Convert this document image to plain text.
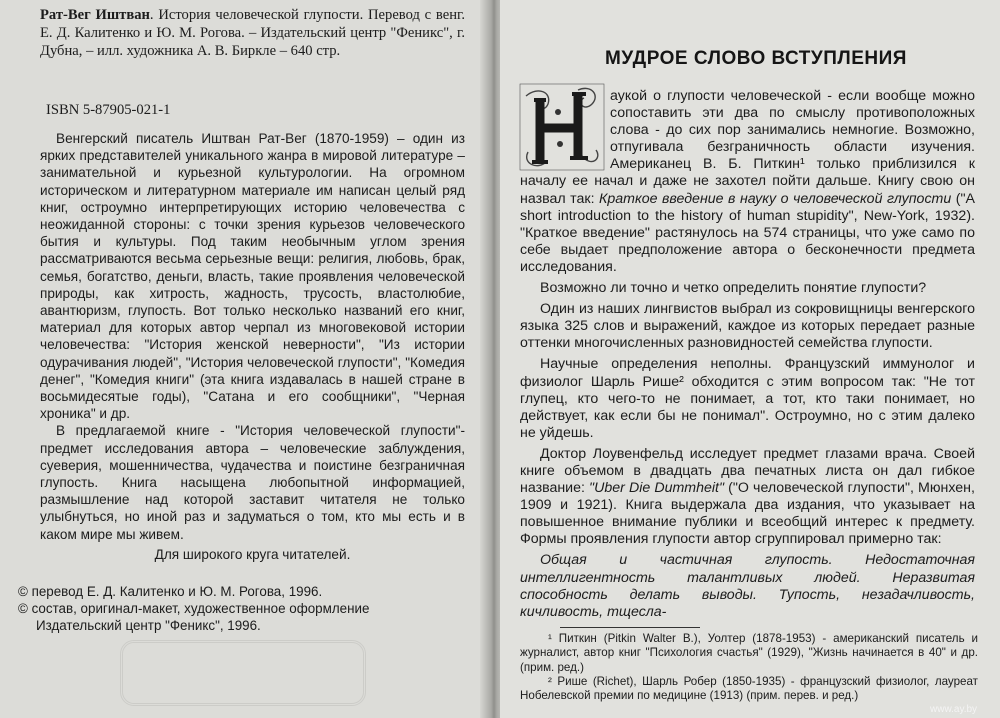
Рат-Вег Иштван. История человеческой глупости. Перевод с венг. Е. Д. Калитенко и Ю. М. Рогова. – Издательский центр "Феникс", г. Дубна, – илл. художника А. В. Биркле – 640 стр.
ISBN 5-87905-021-1

Венгерский писатель Иштван Рат-Вег (1870-1959) – один из ярких представителей уникального жанра в мировой литературе – занимательной и курьезной культурологии. На огромном историческом и литературном материале им написан целый ряд книг, остроумно интерпретирующих историю человечества с неожиданной стороны: с точки зрения курьезов человеческого бытия и культуры. Под таким необычным углом зрения рассматриваются весьма серьезные вещи: религия, любовь, брак, семья, богатство, деньги, власть, такие проявления человеческой природы, как хитрость, жадность, трусость, властолюбие, авантюризм, глупость. Вот только несколько названий его книг, материал для которых автор черпал из многовековой истории человечества: "История женской неверности", "Из истории одурачивания людей", "История человеческой глупости", "Комедия денег", "Комедия книги" (эта книга издавалась в нашей стране в восьмидесятые годы), "Сатана и его сообщники", "Черная хроника" и др.

В предлагаемой книге - "История человеческой глупости"- предмет исследования автора – человеческие заблуждения, суеверия, мошенничества, чудачества и поистине безграничная глупость. Книга насыщена любопытной информацией, размышление над которой заставит читателя не только улыбнуться, но иной раз и задуматься о том, кто мы есть и в каком мире мы живем.

Для широкого круга читателей.

© перевод Е. Д. Калитенко и Ю. М. Рогова, 1996.
© состав, оригинал-макет, художественное оформление
Издательский центр "Феникс", 1996.
МУДРОЕ СЛОВО ВСТУПЛЕНИЯ

аукой о глупости человеческой - если вообще можно сопоставить эти два по смыслу противоположных слова - до сих пор занимались немногие. Возможно, отпугивала безграничность области изучения. Американец В. Б. Питкин¹ только приблизился к началу ее начал и даже не захотел пойти дальше. Книгу свою он назвал так: Краткое введение в науку о человеческой глупости ("A short introduction to the history of human stupidity", New-York, 1932). "Краткое введение" растянулось на 574 страницы, что уже само по себе выдает предположение автора о бесконечности предмета исследования.

Возможно ли точно и четко определить понятие глупости?

Один из наших лингвистов выбрал из сокровищницы венгерского языка 325 слов и выражений, каждое из которых передает разные оттенки многочисленных разновидностей семейства глупости.

Научные определения неполны. Французский иммунолог и физиолог Шарль Рише² обходится с этим вопросом так: "Не тот глупец, кто чего-то не понимает, а тот, кто таки понимает, но действует, как если бы не понимал". Остроумно, но с этим далеко не уйдешь.

Доктор Лоувенфельд исследует предмет глазами врача. Своей книге объемом в двадцать два печатных листа он дал гибкое название: "Uber Die Dummheit" ("О человеческой глупости", Мюнхен, 1909 и 1921). Книга выдержала два издания, что указывает на повышенное внимание публики и всеобщий интерес к предмету. Формы проявления глупости автор сгруппировал примерно так:

Общая и частичная глупость. Недостаточная интеллигентность талантливых людей. Неразвитая способность делать выводы. Тупость, незадачливость, кичливость, тщесла-

¹ Питкин (Pitkin Walter B.), Уолтер (1878-1953) - американский писатель и журналист, автор книг "Психология счастья" (1929), "Жизнь начинается в 40" и др. (прим. ред.)

² Рише (Richet), Шарль Робер (1850-1935) - французский физиолог, лауреат Нобелевской премии по медицине (1913) (прим. перев. и ред.)

www.ay.by
